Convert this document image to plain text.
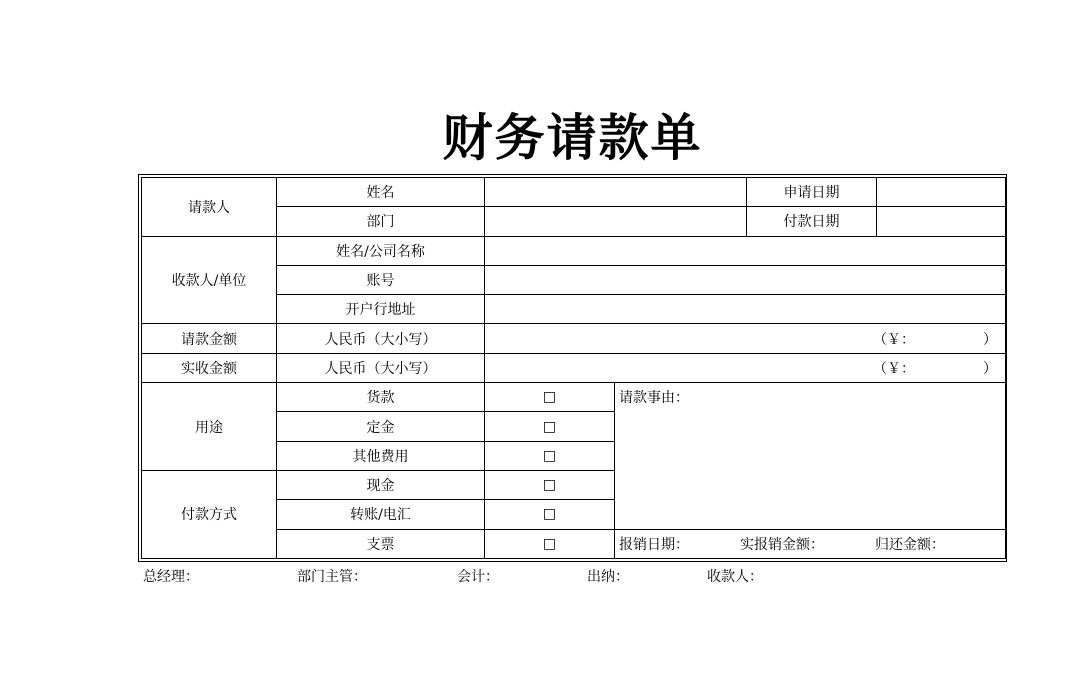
财务请款单
请款人	姓名			申请日期	
	部门			付款日期	
收款人/单位	姓名/公司名称				
	账号				
	开户行地址				
请款金额	人民币（大小写）	（￥： ）			

实收金额	人民币（大小写）	（￥： ）			

用途	货款	□	请款事由：		
	定金	□			
	其他费用	□			
付款方式	现金	□			
	转账/电汇	□			
	支票	□	报销日期： 实报销金额： 归还金额：		
总经理：	部门主管：	会计：	出纳：	收款人：
